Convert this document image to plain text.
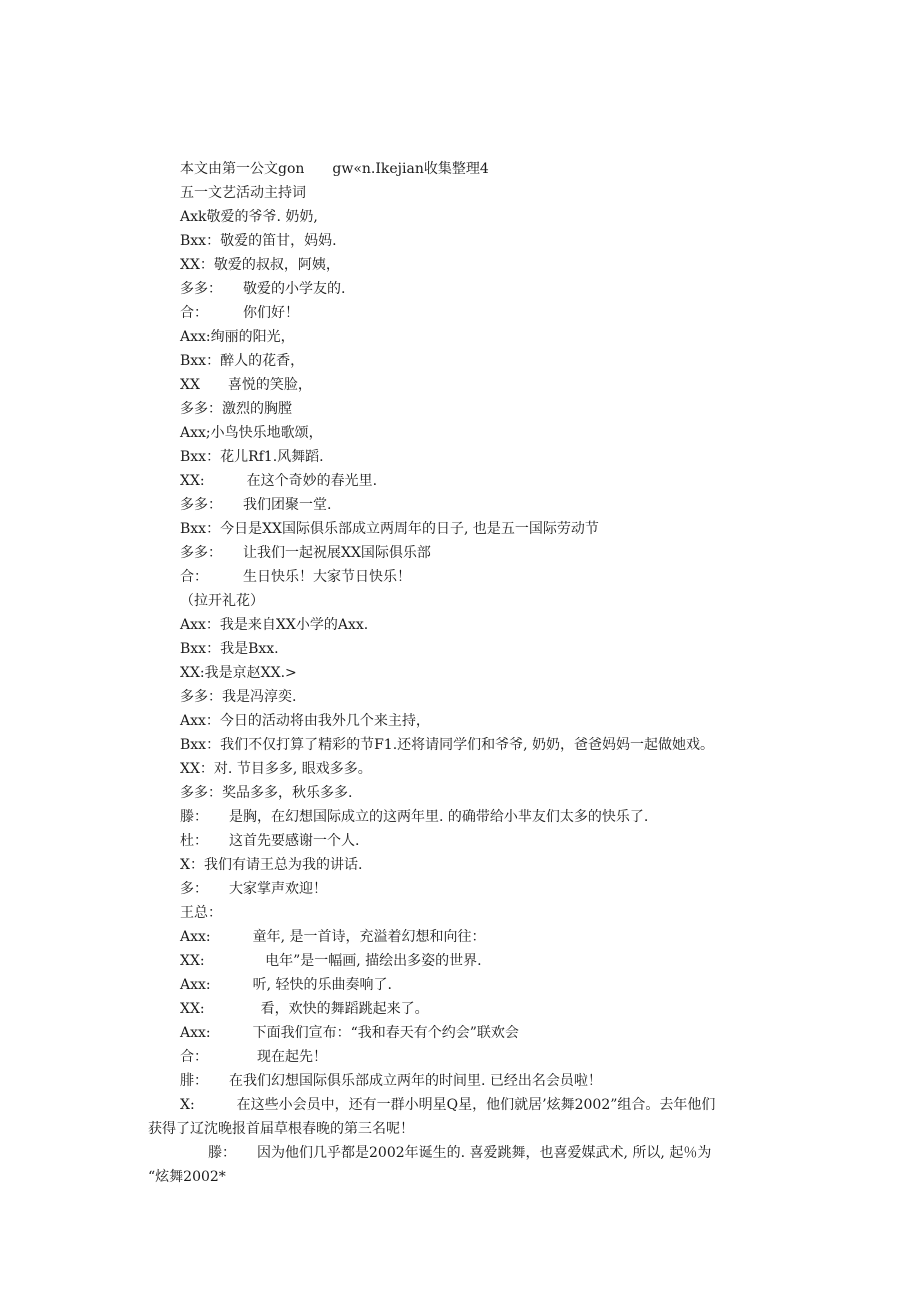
本文由第一公文gon　　gw«n.Ikejian收集整理4
五一文艺活动主持词
Axk敬爱的爷爷. 奶奶,
Bxx：敬爱的笛甘，妈妈.
XX：敬爱的叔叔，阿姨，
多多：　　敬爱的小学友的.
合：　　　你们好！
Axx:绚丽的阳光，
Bxx：醉人的花香，
XX　　喜悦的笑脸，
多多：激烈的胸膛
Axx;小鸟快乐地歌颂，
Bxx：花儿Rf1.风舞蹈.
XX:　　　在这个奇妙的春光里.
多多：　　我们团聚一堂.
Bxx：今日是XX国际俱乐部成立两周年的日子, 也是五一国际劳动节
多多：　　让我们一起祝展XX国际俱乐部
合：　　　生日快乐！大家节日快乐！
（拉开礼花）
Axx：我是来自XX小学的Axx.
Bxx：我是Bxx.
XX:我是京赵XX.>
多多：我是冯淳奕.
Axx：今日的活动将由我外几个来主持，
Bxx：我们不仅打算了精彩的节F1.还将请同学们和爷爷, 奶奶，爸爸妈妈一起做她戏。
XX：对. 节目多多, 眼戏多多。
多多：奖品多多，秋乐多多.
滕：　　是胸，在幻想国际成立的这两年里. 的确带给小芈友们太多的快乐了.
杜：　　这首先要感谢一个人.
X：我们有请王总为我的讲话.
多：　　大家掌声欢迎！
王总：
Axx:　　　童年, 是一首诗，充溢着幻想和向往：
XX:　　　　 电年”是一幅画, 描绘出多姿的世界.
Axx:　　　听, 轻快的乐曲奏响了.
XX:　　　　看，欢快的舞蹈跳起来了。
Axx:　　　下面我们宣布：“我和春天有个约会”联欢会
合：　　　　现在起先！
腓：　　在我们幻想国际俱乐部成立两年的时间里. 已经出名会员啦！
X:　　　在这些小会员中，还有一群小明星Q星，他们就居’炫舞2002”组合。去年他们
获得了辽沈晚报首届草根春晚的第三名呢！
　　滕：　　因为他们几乎都是2002年诞生的. 喜爱跳舞，也喜爱媒武术, 所以, 起％为
“炫舞2002*
